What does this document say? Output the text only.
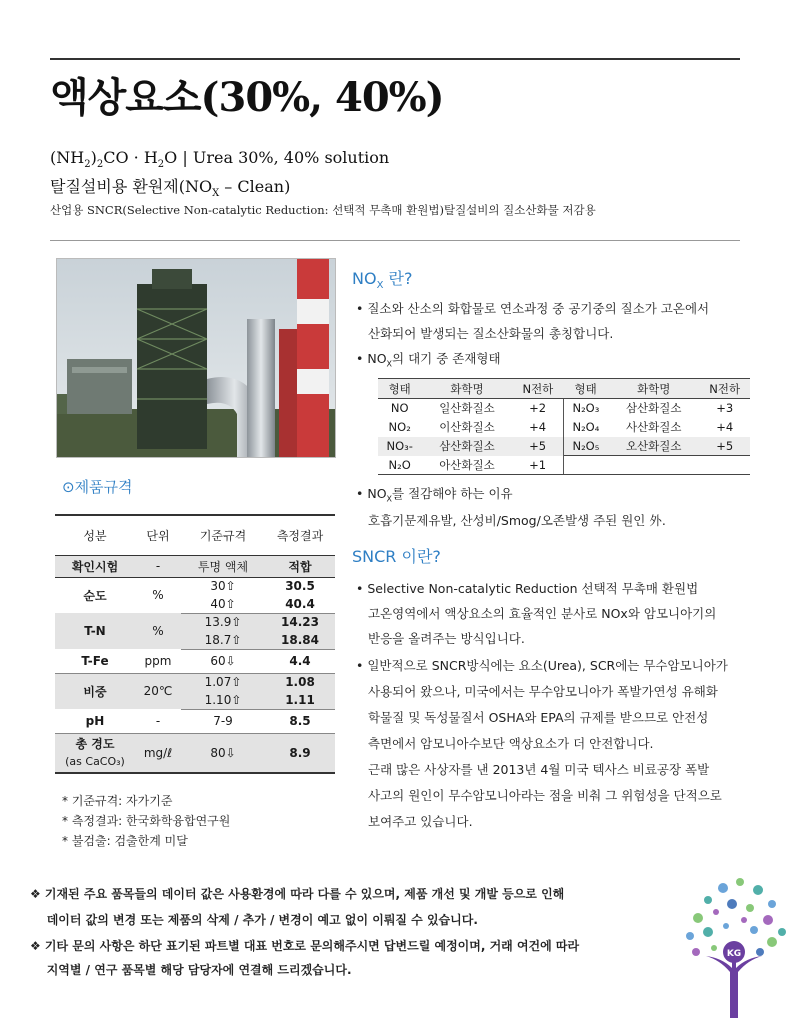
액상요소(30%, 40%)
$(NH_2)_2CO \cdot H_2O$ | Urea 30%, 40% solution
탈질설비용 환원제($NO_X$ – Clean)
산업용 SNCR(Selective Non-catalytic Reduction: 선택적 무촉매 환원법)탈질설비의 질소산화물 저감용
$NO_X$ 란?
• 질소와 산소의 화합물로 연소과정 중 공기중의 질소가 고온에서
산화되어 발생되는 질소산화물의 총칭합니다.
• $NO_X$의 대기 중 존재형태
형태	화학명	N전하	형태	화학명	N전하
NO	일산화질소	+2	N₂O₃	삼산화질소	+3
NO₂	이산화질소	+4	N₂O₄	사산화질소	+4
NO₃-	삼산화질소	+5	N₂O₅	오산화질소	+5
N₂O	아산화질소	+1			
• $NO_X$를 절감해야 하는 이유
호흡기문제유발, 산성비/Smog/오존발생 주된 원인 外.
SNCR 이란?
• Selective Non-catalytic Reduction 선택적 무촉매 환원법
고온영역에서 액상요소의 효율적인 분사로 NOx와 암모니아기의
반응을 올려주는 방식입니다.
• 일반적으로 SNCR방식에는 요소(Urea), SCR에는 무수암모니아가
사용되어 왔으나, 미국에서는 무수암모니아가 폭발가연성 유해화
학물질 및 독성물질서 OSHA와 EPA의 규제를 받으므로 안전성
측면에서 암모니아수보단 액상요소가 더 안전합니다.
근래 많은 사상자를 낸 2013년 4월 미국 텍사스 비료공장 폭발
사고의 원인이 무수암모니아라는 점을 비춰 그 위험성을 단적으로
보여주고 있습니다.
⊙제품규격
성분	단위	기준규격	측정결과
확인시험	-	투명 액체	적합
순도	%	30⇧	30.5
		40⇧	40.4
T-N	%	13.9⇧	14.23
		18.7⇧	18.84
T-Fe	ppm	60⇩	4.4
비중	20℃	1.07⇧	1.08
		1.10⇧	1.11
pH	-	7-9	8.5
총 경도
(as CaCO₃)	mg/ℓ	80⇩	8.9
* 기준규격: 자가기준
* 측정결과: 한국화학융합연구원
* 불검출: 검출한계 미달
❖ 기재된 주요 품목들의 데이터 값은 사용환경에 따라 다를 수 있으며, 제품 개선 및 개발 등으로 인해
데이터 값의 변경 또는 제품의 삭제 / 추가 / 변경이 예고 없이 이뤄질 수 있습니다.
❖ 기타 문의 사항은 하단 표기된 파트별 대표 번호로 문의해주시면 답변드릴 예정이며, 거래 여건에 따라
지역별 / 연구 품목별 해당 담당자에 연결해 드리겠습니다.
KG
